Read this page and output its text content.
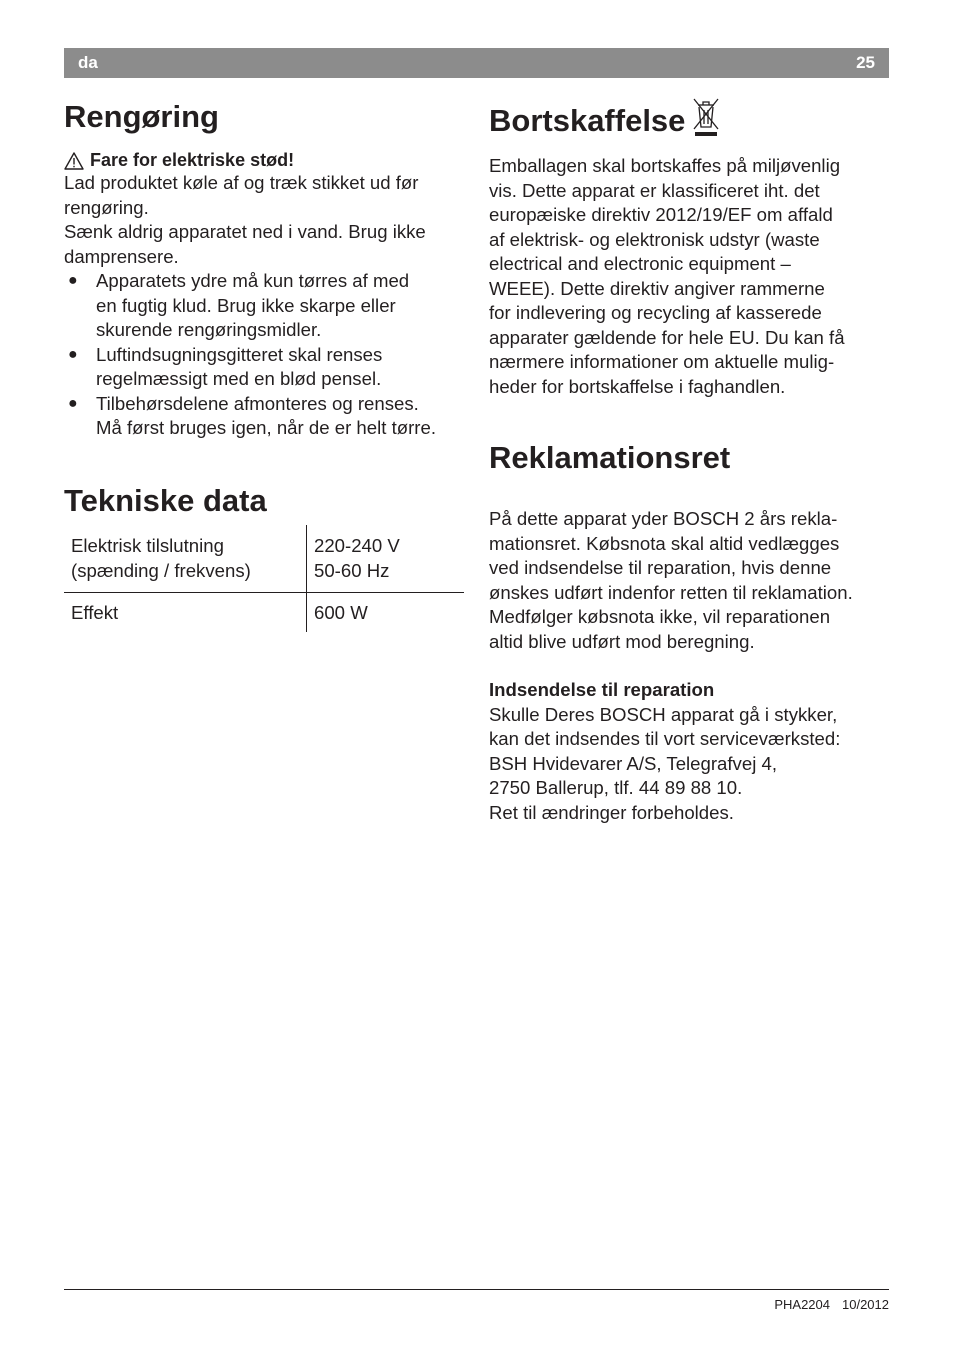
da	25
Rengøring
Fare for elektriske stød!

Lad produktet køle af og træk stikket ud før
rengøring.

Sænk aldrig apparatet ned i vand. Brug ikke
damprensere.

● Apparatets ydre må kun tørres af med
en fugtig klud. Brug ikke skarpe eller
skurende rengøringsmidler.
● Luftindsugningsgitteret skal renses
regelmæssigt med en blød pensel.
● Tilbehørsdelene afmonteres og renses.
Må først bruges igen, når de er helt tørre.
Tekniske data
Elektrisk tilslutning
(spænding / frekvens)	220-240 V
50-60 Hz
Effekt	600 W
Bortskaffelse

Emballagen skal bortskaffes på miljøvenlig
vis. Dette apparat er klassificeret iht. det
europæiske direktiv 2012/19/EF om affald
af elektrisk- og elektronisk udstyr (waste
electrical and electronic equipment –
WEEE). Dette direktiv angiver rammerne
for indlevering og recycling af kasserede
apparater gældende for hele EU. Du kan få
nærmere informationer om aktuelle mulig-
heder for bortskaffelse i faghandlen.

Reklamationsret

På dette apparat yder BOSCH 2 års rekla-
mationsret. Købsnota skal altid vedlægges
ved indsendelse til reparation, hvis denne
ønskes udført indenfor retten til reklamation.
Medfølger købsnota ikke, vil reparationen
altid blive udført mod beregning.

Indsendelse til reparation

Skulle Deres BOSCH apparat gå i stykker,
kan det indsendes til vort serviceværksted:
BSH Hvidevarer A/S, Telegrafvej 4,
2750 Ballerup, tlf. 44 89 88 10.
Ret til ændringer forbeholdes.

PHA2204 10/2012
